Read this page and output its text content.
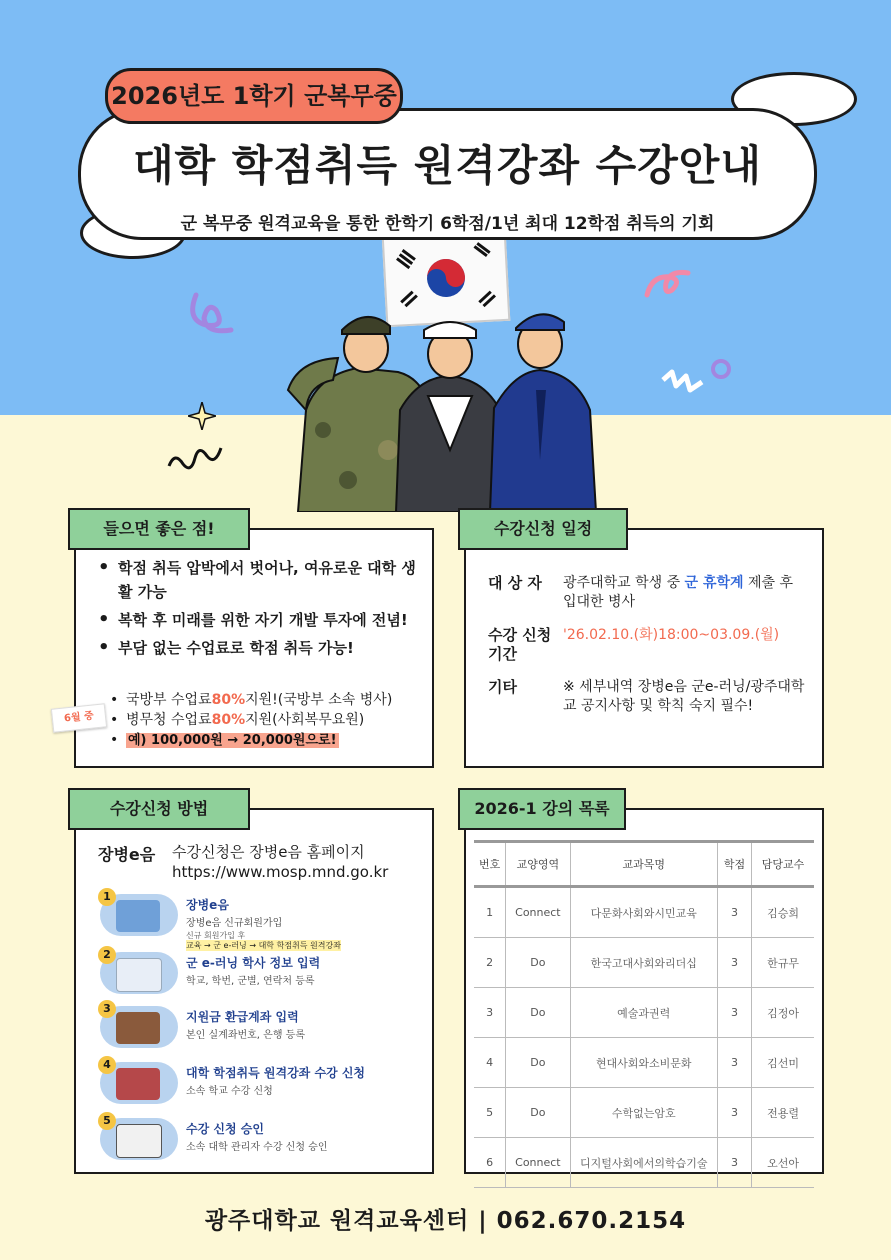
2026년도 1학기 군복무중
대학 학점취득 원격강좌 수강안내
군 복무중 원격교육을 통한 한학기 6학점/1년 최대 12학점 취득의 기회
들으면 좋은 점!
• 학점 취득 압박에서 벗어나, 여유로운 대학 생활 가능
• 복학 후 미래를 위한 자기 개발 투자에 전념!
• 부담 없는 수업료로 학점 취득 가능!
• 국방부 수업료80%지원!(국방부 소속 병사)
• 병무청 수업료80%지원(사회복무요원)
• 예) 100,000원 → 20,000원으로!
6월 중
수강신청 일정
대 상 자	광주대학교 학생 중 군 휴학계 제출 후 입대한 병사
수강 신청 기간
'26.02.10.(화)18:00~03.09.(월)
기타	※ 세부내역 장병e음 군e-러닝/광주대학교 공지사항 및 학칙 숙지 필수!
수강신청 방법
장병e음 수강신청은 장병e음 홈페이지
https://www.mosp.mnd.go.kr
1
장병e음
장병e음 신규회원가입
신규 회원가입 후
교육 → 군 e-러닝 → 대학 학점취득 원격강좌
2
군 e-러닝 학사 정보 입력
학교, 학번, 군별, 연락처 등록
3
지원금 환급계좌 입력
본인 실계좌번호, 은행 등록
4
대학 학점취득 원격강좌 수강 신청
소속 학교 수강 신청
5
수강 신청 승인
소속 대학 관리자 수강 신청 승인
2026-1 강의 목록
번호	교양영역	교과목명	학점	담당교수
1	Connect	다문화사회와시민교육	3	김승희
2	Do	한국고대사회와리더십	3	한규무
3	Do	예술과권력	3	김정아
4	Do	현대사회와소비문화	3	김선미
5	Do	수학없는암호	3	전용렬
6	Connect	디지털사회에서의학습기술	3	오선아
광주대학교 원격교육센터 | 062.670.2154
